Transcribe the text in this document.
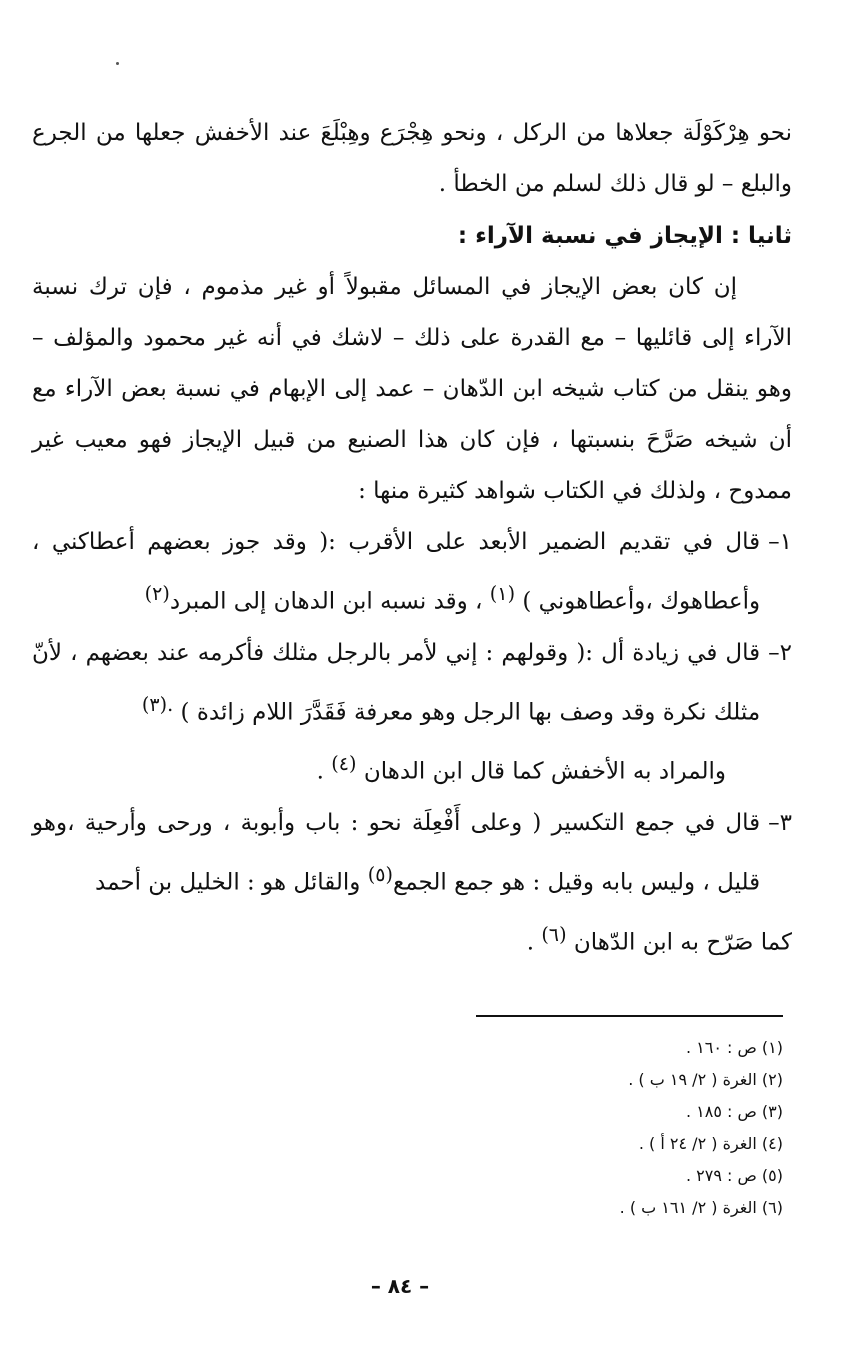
نحو هِرْكَوْلَة جعلاها من الركل ، ونحو هِجْرَع وهِبْلَعَ عند الأخفش جعلها من الجرع والبلع – لو قال ذلك لسلم من الخطأ .

ثانيا : الإيجاز في نسبة الآراء :

إن كان بعض الإيجاز في المسائل مقبولاً أو غير مذموم ، فإن ترك نسبة الآراء إلى قائليها – مع القدرة على ذلك – لاشك في أنه غير محمود والمؤلف – وهو ينقل من كتاب شيخه ابن الدّهان – عمد إلى الإبهام في نسبة بعض الآراء مع أن شيخه صَرَّحَ بنسبتها ، فإن كان هذا الصنيع من قبيل الإيجاز فهو معيب غير ممدوح ، ولذلك في الكتاب شواهد كثيرة منها :

١–
قال في تقديم الضمير الأبعد على الأقرب :( وقد جوز بعضهم أعطاكني ، وأعطاهوك ،وأعطاهوني ) $^{(١)}$ ، وقد نسبه ابن الدهان إلى المبرد$^{(٢)}$
٢–
قال في زيادة أل :( وقولهم : إني لأمر بالرجل مثلك فأكرمه عند بعضهم ، لأنّ مثلك نكرة وقد وصف بها الرجل وهو معرفة فَقَدَّرَ اللام زائدة ) $^{.(٣)}$

والمراد به الأخفش كما قال ابن الدهان $^{(٤)}$ .

٣–
قال في جمع التكسير ( وعلى أَفْعِلَة نحو : باب وأبوبة ، ورحى وأرحية ،وهو قليل ، وليس بابه وقيل : هو جمع الجمع$^{(٥)}$ والقائل هو : الخليل بن أحمد

كما صَرّح به ابن الدّهان $^{(٦)}$ .

(١) ص : ١٦٠ .
(٢) الغرة ( ٢/ ١٩ ب ) .
(٣) ص : ١٨٥ .
(٤) الغرة ( ٢/ ٢٤ أ ) .
(٥) ص : ٢٧٩ .
(٦) الغرة ( ٢/ ١٦١ ب ) .
– ٨٤ –
